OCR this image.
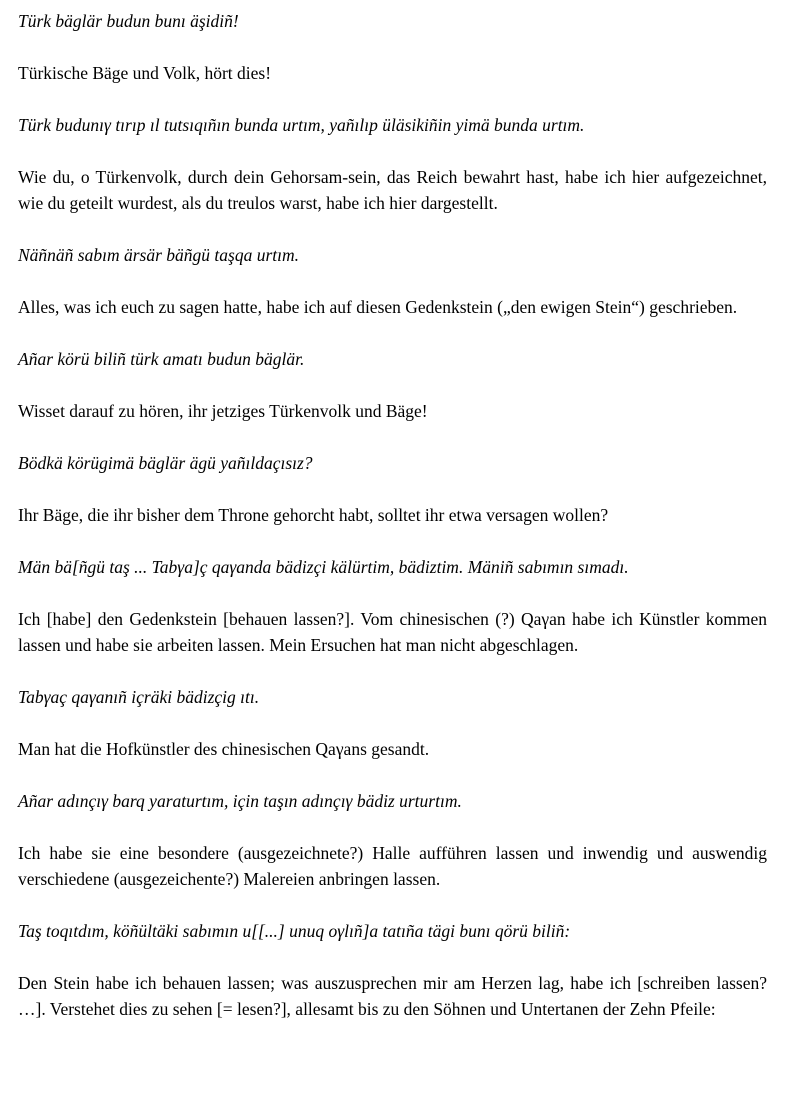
Türk bäglär budun bunı äşidiñ!

Türkische Bäge und Volk, hört dies!

Türk budunıγ tırıp ıl tutsıqıñın bunda urtım, yañılıp üläsikiñin yimä bunda urtım.

Wie du, o Türkenvolk, durch dein Gehorsam-sein, das Reich bewahrt hast, habe ich hier aufgezeichnet, wie du geteilt wurdest, als du treulos warst, habe ich hier dargestellt.

Näñnäñ sabım ärsär bäñgü taşqa urtım.

Alles, was ich euch zu sagen hatte, habe ich auf diesen Gedenkstein („den ewigen Stein“) geschrieben.

Añar körü biliñ türk amatı budun bäglär.

Wisset darauf zu hören, ihr jetziges Türkenvolk und Bäge!

Bödkä körügimä bäglär ägü yañıldaçısız?

Ihr Bäge, die ihr bisher dem Throne gehorcht habt, solltet ihr etwa versagen wollen?

Män bä[ñgü taş ... Tabγa]ç qaγanda bädizçi kälürtim, bädiztim. Mäniñ sabımın sımadı.

Ich [habe] den Gedenkstein [behauen lassen?]. Vom chinesischen (?) Qaγan habe ich Künstler kommen lassen und habe sie arbeiten lassen. Mein Ersuchen hat man nicht abgeschlagen.

Tabγaç qaγanıñ içräki bädizçig ıtı.

Man hat die Hofkünstler des chinesischen Qaγans gesandt.

Añar adınçıγ barq yaraturtım, için taşın adınçıγ bädiz urturtım.

Ich habe sie eine besondere (ausgezeichnete?) Halle aufführen lassen und inwendig und auswendig verschiedene (ausgezeichente?) Malereien anbringen lassen.

Taş toqıtdım, köñültäki sabımın u[[...] unuq oγlıñ]a tatıña tägi bunı qörü biliñ:

Den Stein habe ich behauen lassen; was auszusprechen mir am Herzen lag, habe ich [schreiben lassen? …]. Verstehet dies zu sehen [= lesen?], allesamt bis zu den Söhnen und Untertanen der Zehn Pfeile:
